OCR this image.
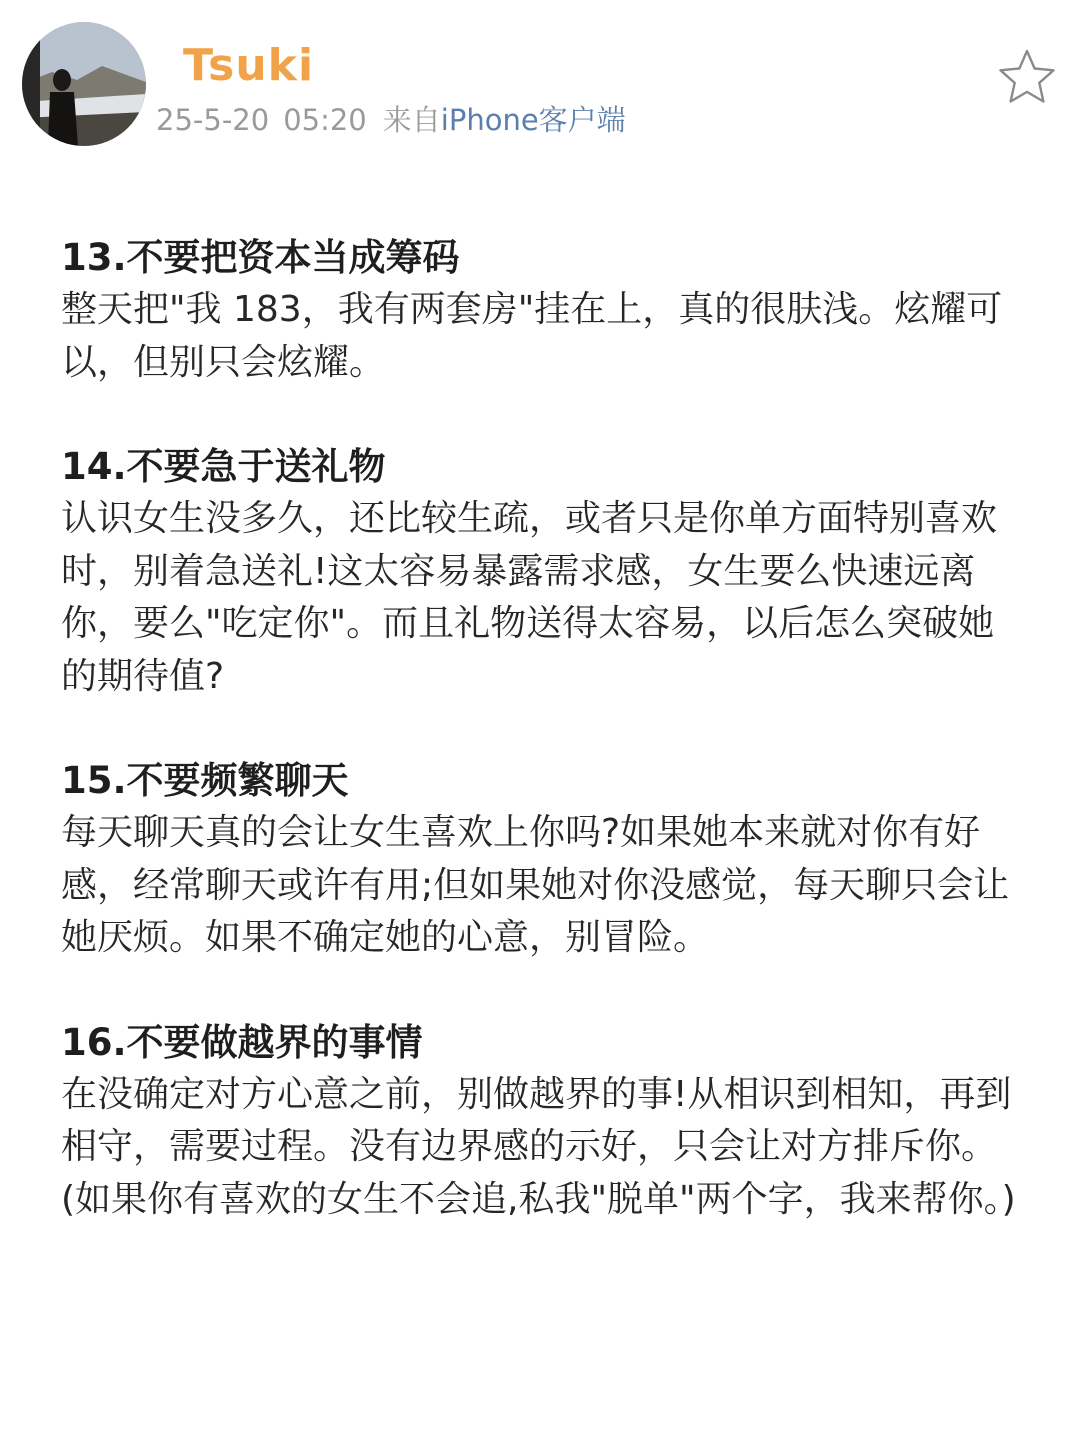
Tsuki
25-5-20 05:20 来自iPhone客户端

13.不要把资本当成筹码

整天把"我 183，我有两套房"挂在上，真的很肤浅。炫耀可以，但别只会炫耀。

14.不要急于送礼物

认识女生没多久，还比较生疏，或者只是你单方面特别喜欢时，别着急送礼!这太容易暴露需求感，女生要么快速远离你，要么"吃定你"。而且礼物送得太容易，以后怎么突破她的期待值?

15.不要频繁聊天

每天聊天真的会让女生喜欢上你吗?如果她本来就对你有好感，经常聊天或许有用;但如果她对你没感觉，每天聊只会让她厌烦。如果不确定她的心意，别冒险。

16.不要做越界的事情

在没确定对方心意之前，别做越界的事!从相识到相知，再到相守，需要过程。没有边界感的示好，只会让对方排斥你。(如果你有喜欢的女生不会追,私我"脱单"两个字，我来帮你。)
